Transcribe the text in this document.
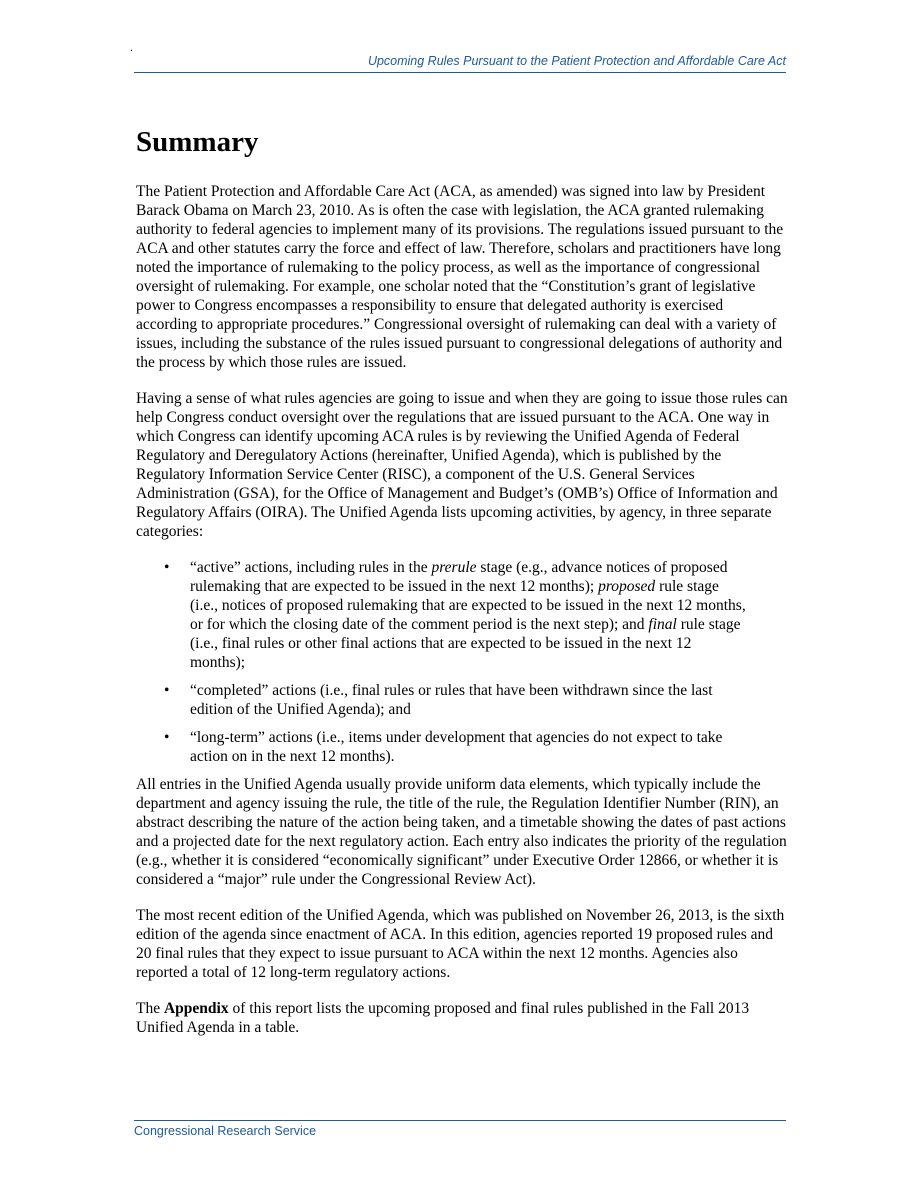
.
Upcoming Rules Pursuant to the Patient Protection and Affordable Care Act
Summary

The Patient Protection and Affordable Care Act (ACA, as amended) was signed into law by President Barack Obama on March 23, 2010. As is often the case with legislation, the ACA granted rulemaking authority to federal agencies to implement many of its provisions. The regulations issued pursuant to the ACA and other statutes carry the force and effect of law. Therefore, scholars and practitioners have long noted the importance of rulemaking to the policy process, as well as the importance of congressional oversight of rulemaking. For example, one scholar noted that the “Constitution’s grant of legislative power to Congress encompasses a responsibility to ensure that delegated authority is exercised according to appropriate procedures.” Congressional oversight of rulemaking can deal with a variety of issues, including the substance of the rules issued pursuant to congressional delegations of authority and the process by which those rules are issued.

Having a sense of what rules agencies are going to issue and when they are going to issue those rules can help Congress conduct oversight over the regulations that are issued pursuant to the ACA. One way in which Congress can identify upcoming ACA rules is by reviewing the Unified Agenda of Federal Regulatory and Deregulatory Actions (hereinafter, Unified Agenda), which is published by the Regulatory Information Service Center (RISC), a component of the U.S. General Services Administration (GSA), for the Office of Management and Budget’s (OMB’s) Office of Information and Regulatory Affairs (OIRA). The Unified Agenda lists upcoming activities, by agency, in three separate categories:

• “active” actions, including rules in the prerule stage (e.g., advance notices of proposed rulemaking that are expected to be issued in the next 12 months); proposed rule stage (i.e., notices of proposed rulemaking that are expected to be issued in the next 12 months, or for which the closing date of the comment period is the next step); and final rule stage (i.e., final rules or other final actions that are expected to be issued in the next 12 months);
• “completed” actions (i.e., final rules or rules that have been withdrawn since the last edition of the Unified Agenda); and
• “long-term” actions (i.e., items under development that agencies do not expect to take action on in the next 12 months).

All entries in the Unified Agenda usually provide uniform data elements, which typically include the department and agency issuing the rule, the title of the rule, the Regulation Identifier Number (RIN), an abstract describing the nature of the action being taken, and a timetable showing the dates of past actions and a projected date for the next regulatory action. Each entry also indicates the priority of the regulation (e.g., whether it is considered “economically significant” under Executive Order 12866, or whether it is considered a “major” rule under the Congressional Review Act).

The most recent edition of the Unified Agenda, which was published on November 26, 2013, is the sixth edition of the agenda since enactment of ACA. In this edition, agencies reported 19 proposed rules and 20 final rules that they expect to issue pursuant to ACA within the next 12 months. Agencies also reported a total of 12 long-term regulatory actions.

The Appendix of this report lists the upcoming proposed and final rules published in the Fall 2013 Unified Agenda in a table.

Congressional Research Service
